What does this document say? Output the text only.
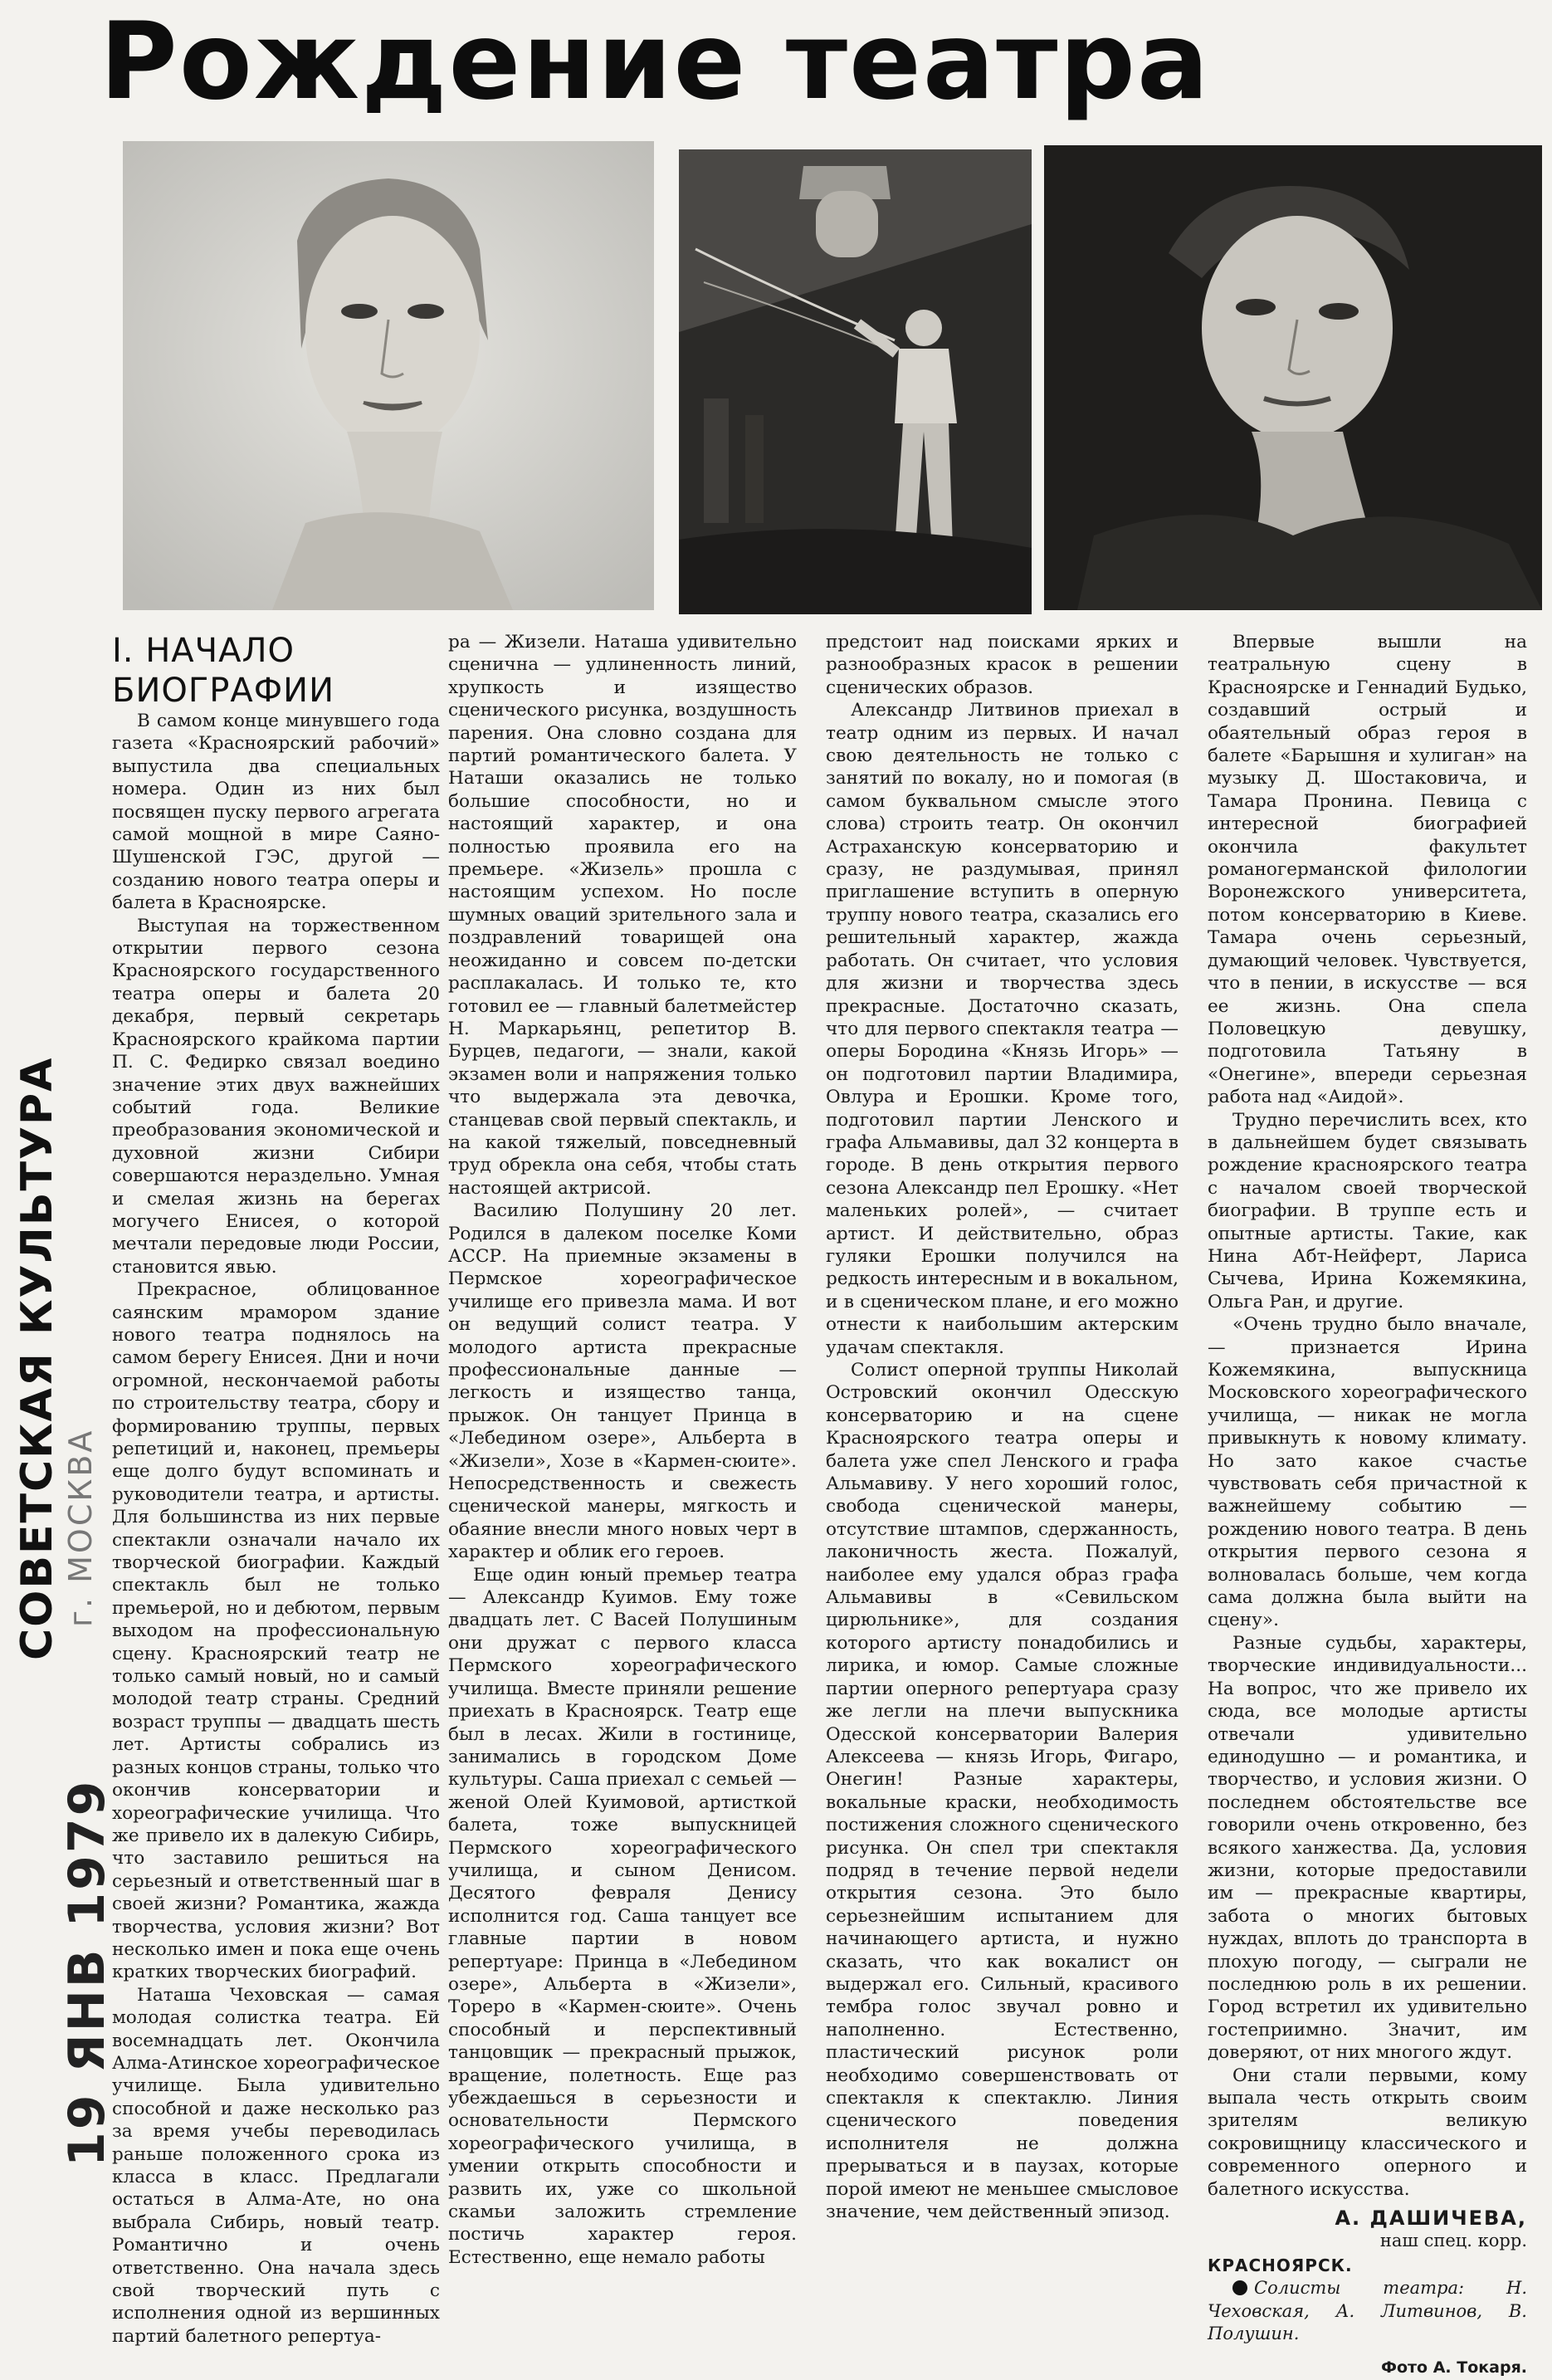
Рождение театра
СОВЕТСКАЯ КУЛЬТУРА г. МОСКВА
19 ЯНВ 1979
I. НАЧАЛО БИОГРАФИИ

В самом конце минувшего года газета «Красноярский рабочий» выпустила два специальных номера. Один из них был посвящен пуску первого агрегата самой мощной в мире Саяно-Шушенской ГЭС, другой — созданию нового театра оперы и балета в Красноярске.

Выступая на торжественном открытии первого сезона Красноярского государственного театра оперы и балета 20 декабря, первый секретарь Красноярского крайкома партии П. С. Федирко связал воедино значение этих двух важнейших событий года. Великие преобразования экономической и духовной жизни Сибири совершаются нераздельно. Умная и смелая жизнь на берегах могучего Енисея, о которой мечтали передовые люди России, становится явью.

Прекрасное, облицованное саянским мрамором здание нового театра поднялось на самом берегу Енисея. Дни и ночи огромной, нескончаемой работы по строительству театра, сбору и формированию труппы, первых репетиций и, наконец, премьеры еще долго будут вспоминать и руководители театра, и артисты. Для большинства из них первые спектакли означали начало их творческой биографии. Каждый спектакль был не только премьерой, но и дебютом, первым выходом на профессиональную сцену. Красноярский театр не только самый новый, но и самый молодой театр страны. Средний возраст труппы — двадцать шесть лет. Артисты собрались из разных концов страны, только что окончив консерватории и хореографические училища. Что же привело их в далекую Сибирь, что заставило решиться на серьезный и ответственный шаг в своей жизни? Романтика, жажда творчества, условия жизни? Вот несколько имен и пока еще очень кратких творческих биографий.

Наташа Чеховская — самая молодая солистка театра. Ей восемнадцать лет. Окончила Алма-Атинское хореографическое училище. Была удивительно способной и даже несколько раз за время учебы переводилась раньше положенного срока из класса в класс. Предлагали остаться в Алма-Ате, но она выбрала Сибирь, новый театр. Романтично и очень ответственно. Она начала здесь свой творческий путь с исполнения одной из вершинных партий балетного репертуа-

ра — Жизели. Наташа удивительно сценична — удлиненность линий, хрупкость и изящество сценического рисунка, воздушность парения. Она словно создана для партий романтического балета. У Наташи оказались не только большие способности, но и настоящий характер, и она полностью проявила его на премьере. «Жизель» прошла с настоящим успехом. Но после шумных оваций зрительного зала и поздравлений товарищей она неожиданно и совсем по-детски расплакалась. И только те, кто готовил ее — главный балетмейстер Н. Маркарьянц, репетитор В. Бурцев, педагоги, — знали, какой экзамен воли и напряжения только что выдержала эта девочка, станцевав свой первый спектакль, и на какой тяжелый, повседневный труд обрекла она себя, чтобы стать настоящей актрисой.

Василию Полушину 20 лет. Родился в далеком поселке Коми АССР. На приемные экзамены в Пермское хореографическое училище его привезла мама. И вот он ведущий солист театра. У молодого артиста прекрасные профессиональные данные — легкость и изящество танца, прыжок. Он танцует Принца в «Лебедином озере», Альберта в «Жизели», Хозе в «Кармен-сюите». Непосредственность и свежесть сценической манеры, мягкость и обаяние внесли много новых черт в характер и облик его героев.

Еще один юный премьер театра — Александр Куимов. Ему тоже двадцать лет. С Васей Полушиным они дружат с первого класса Пермского хореографического училища. Вместе приняли решение приехать в Красноярск. Театр еще был в лесах. Жили в гостинице, занимались в городском Доме культуры. Саша приехал с семьей — женой Олей Куимовой, артисткой балета, тоже выпускницей Пермского хореографического училища, и сыном Денисом. Десятого февраля Денису исполнится год. Саша танцует все главные партии в новом репертуаре: Принца в «Лебедином озере», Альберта в «Жизели», Тореро в «Кармен-сюите». Очень способный и перспективный танцовщик — прекрасный прыжок, вращение, полетность. Еще раз убеждаешься в серьезности и основательности Пермского хореографического училища, в умении открыть способности и развить их, уже со школьной скамьи заложить стремление постичь характер героя. Естественно, еще немало работы

предстоит над поисками ярких и разнообразных красок в решении сценических образов.

Александр Литвинов приехал в театр одним из первых. И начал свою деятельность не только с занятий по вокалу, но и помогая (в самом буквальном смысле этого слова) строить театр. Он окончил Астраханскую консерваторию и сразу, не раздумывая, принял приглашение вступить в оперную труппу нового театра, сказались его решительный характер, жажда работать. Он считает, что условия для жизни и творчества здесь прекрасные. Достаточно сказать, что для первого спектакля театра — оперы Бородина «Князь Игорь» — он подготовил партии Владимира, Овлура и Ерошки. Кроме того, подготовил партии Ленского и графа Альмавивы, дал 32 концерта в городе. В день открытия первого сезона Александр пел Ерошку. «Нет маленьких ролей», — считает артист. И действительно, образ гуляки Ерошки получился на редкость интересным и в вокальном, и в сценическом плане, и его можно отнести к наибольшим актерским удачам спектакля.

Солист оперной труппы Николай Островский окончил Одесскую консерваторию и на сцене Красноярского театра оперы и балета уже спел Ленского и графа Альмавиву. У него хороший голос, свобода сценической манеры, отсутствие штампов, сдержанность, лаконичность жеста. Пожалуй, наиболее ему удался образ графа Альмавивы в «Севильском цирюльнике», для создания которого артисту понадобились и лирика, и юмор. Самые сложные партии оперного репертуара сразу же легли на плечи выпускника Одесской консерватории Валерия Алексеева — князь Игорь, Фигаро, Онегин! Разные характеры, вокальные краски, необходимость постижения сложного сценического рисунка. Он спел три спектакля подряд в течение первой недели открытия сезона. Это было серьезнейшим испытанием для начинающего артиста, и нужно сказать, что как вокалист он выдержал его. Сильный, красивого тембра голос звучал ровно и наполненно. Естественно, пластический рисунок роли необходимо совершенствовать от спектакля к спектаклю. Линия сценического поведения исполнителя не должна прерываться и в паузах, которые порой имеют не меньшее смысловое значение, чем действенный эпизод.

Впервые вышли на театральную сцену в Красноярске и Геннадий Будько, создавший острый и обаятельный образ героя в балете «Барышня и хулиган» на музыку Д. Шостаковича, и Тамара Пронина. Певица с интересной биографией окончила факультет романогерманской филологии Воронежского университета, потом консерваторию в Киеве. Тамара очень серьезный, думающий человек. Чувствуется, что в пении, в искусстве — вся ее жизнь. Она спела Половецкую девушку, подготовила Татьяну в «Онегине», впереди серьезная работа над «Аидой».

Трудно перечислить всех, кто в дальнейшем будет связывать рождение красноярского театра с началом своей творческой биографии. В труппе есть и опытные артисты. Такие, как Нина Абт-Нейферт, Лариса Сычева, Ирина Кожемякина, Ольга Ран, и другие.

«Очень трудно было вначале, — признается Ирина Кожемякина, выпускница Московского хореографического училища, — никак не могла привыкнуть к новому климату. Но зато какое счастье чувствовать себя причастной к важнейшему событию — рождению нового театра. В день открытия первого сезона я волновалась больше, чем когда сама должна была выйти на сцену».

Разные судьбы, характеры, творческие индивидуальности... На вопрос, что же привело их сюда, все молодые артисты отвечали удивительно единодушно — и романтика, и творчество, и условия жизни. О последнем обстоятельстве все говорили очень откровенно, без всякого ханжества. Да, условия жизни, которые предоставили им — прекрасные квартиры, забота о многих бытовых нуждах, вплоть до транспорта в плохую погоду, — сыграли не последнюю роль в их решении. Город встретил их удивительно гостеприимно. Значит, им доверяют, от них многого ждут.

Они стали первыми, кому выпала честь открыть своим зрителям великую сокровищницу классического и современного оперного и балетного искусства.

А. ДАШИЧЕВА,

наш спец. корр.

КРАСНОЯРСК.

Солисты театра: Н. Чеховская, А. Литвинов, В. Полушин.

Фото А. Токаря.
